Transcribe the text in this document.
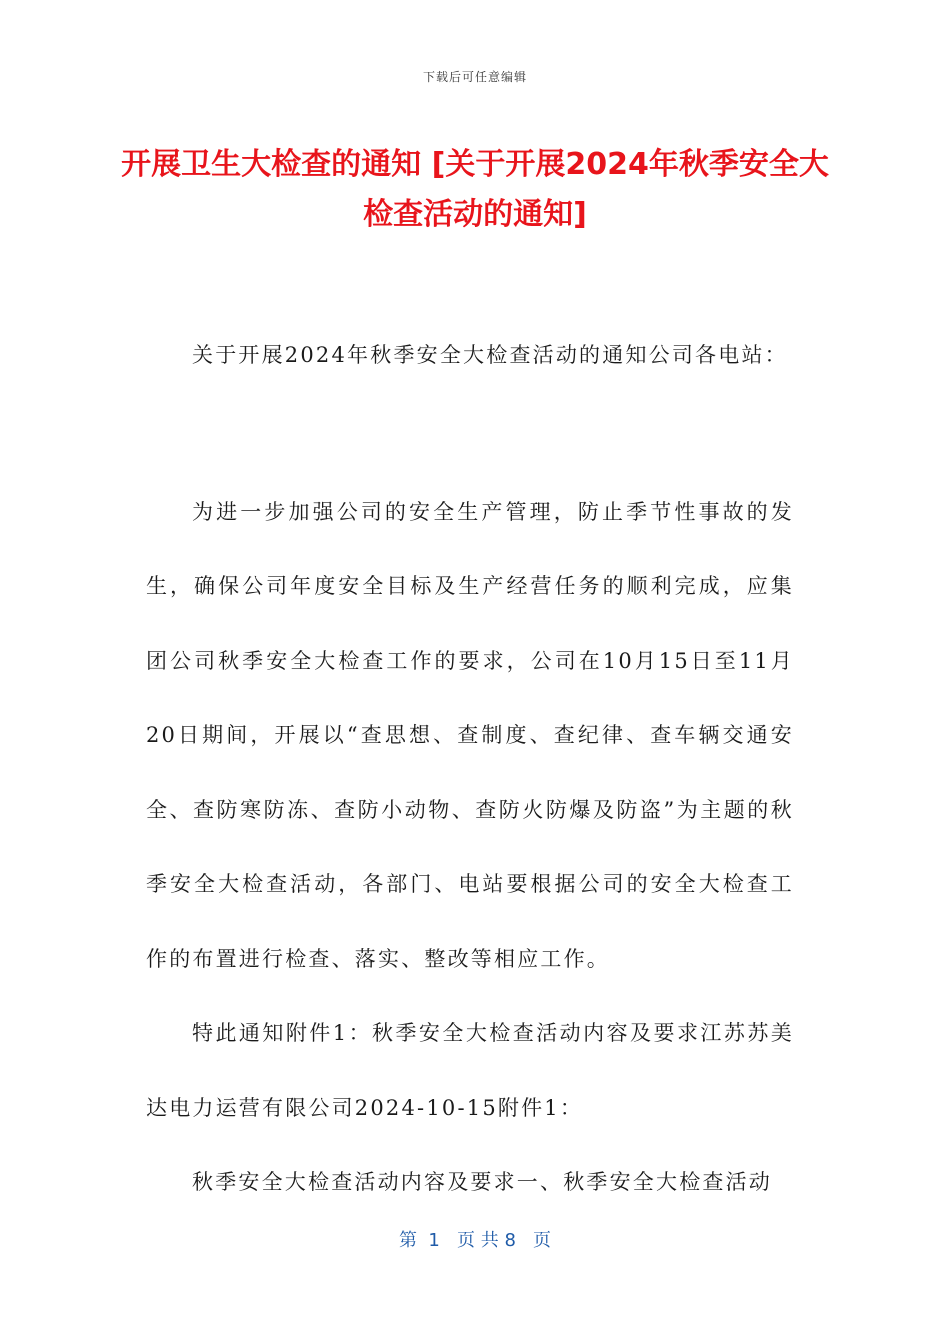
下载后可任意编辑
开展卫生大检查的通知 [关于开展2024年秋季安全大检查活动的通知]

关于开展2024年秋季安全大检查活动的通知公司各电站：

为进一步加强公司的安全生产管理，防止季节性事故的发生，确保公司年度安全目标及生产经营任务的顺利完成，应集团公司秋季安全大检查工作的要求，公司在10月15日至11月20日期间，开展以“查思想、查制度、查纪律、查车辆交通安全、查防寒防冻、查防小动物、查防火防爆及防盗”为主题的秋季安全大检查活动，各部门、电站要根据公司的安全大检查工作的布置进行检查、落实、整改等相应工作。

特此通知附件1：秋季安全大检查活动内容及要求江苏苏美达电力运营有限公司2024-10-15附件1：

秋季安全大检查活动内容及要求一、秋季安全大检查活动

第  1   页 共 8   页
